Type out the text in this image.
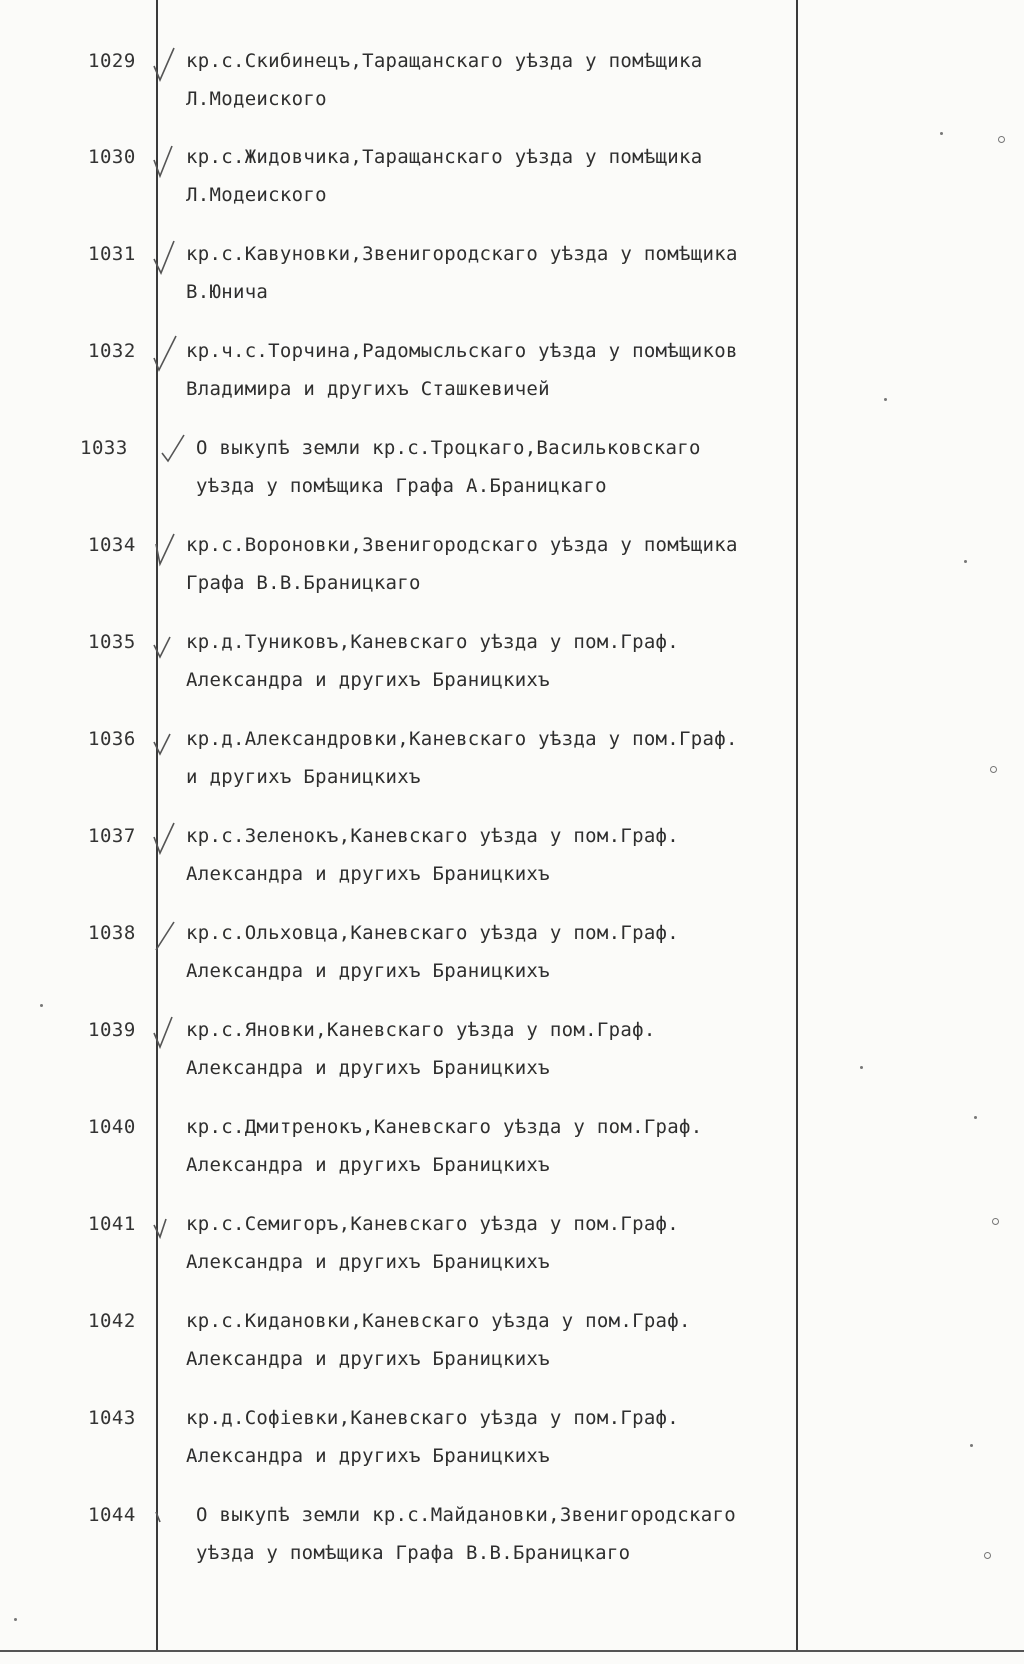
1029	кр.с.Скибинецъ,Таращанскаго уѣзда у помѣщика
Л.Модеиского
1030	кр.с.Жидовчика,Таращанскаго уѣзда у помѣщика
Л.Модеиского
1031	кр.с.Кавуновки,Звенигородскаго уѣзда у помѣщика
В.Юнича
1032	кр.ч.с.Торчина,Радомысльскаго уѣзда у помѣщиков
Владимира и другихъ Сташкевичей
1033	О выкупѣ земли кр.с.Троцкаго,Васильковскаго
уѣзда у помѣщика Графа А.Браницкаго
1034	кр.с.Вороновки,Звенигородскаго уѣзда у помѣщика
Графа В.В.Браницкаго
1035	кр.д.Туниковъ,Каневскаго уѣзда у пом.Граф.
Александра и другихъ Браницкихъ
1036	кр.д.Александровки,Каневскаго уѣзда у пом.Граф.
и другихъ Браницкихъ
1037	кр.с.Зеленокъ,Каневскаго уѣзда у пом.Граф.
Александра и другихъ Браницкихъ
1038	кр.с.Ольховца,Каневскаго уѣзда у пом.Граф.
Александра и другихъ Браницкихъ
1039	кр.с.Яновки,Каневскаго уѣзда у пом.Граф.
Александра и другихъ Браницкихъ
1040	кр.с.Дмитренокъ,Каневскаго уѣзда у пом.Граф.
Александра и другихъ Браницкихъ
1041	кр.с.Семигоръ,Каневскаго уѣзда у пом.Граф.
Александра и другихъ Браницкихъ
1042	кр.с.Кидановки,Каневскаго уѣзда у пом.Граф.
Александра и другихъ Браницкихъ
1043	кр.д.Софіевки,Каневскаго уѣзда у пом.Граф.
Александра и другихъ Браницкихъ
1044	О выкупѣ земли кр.с.Майдановки,Звенигородскаго
уѣзда у помѣщика Графа В.В.Браницкаго
